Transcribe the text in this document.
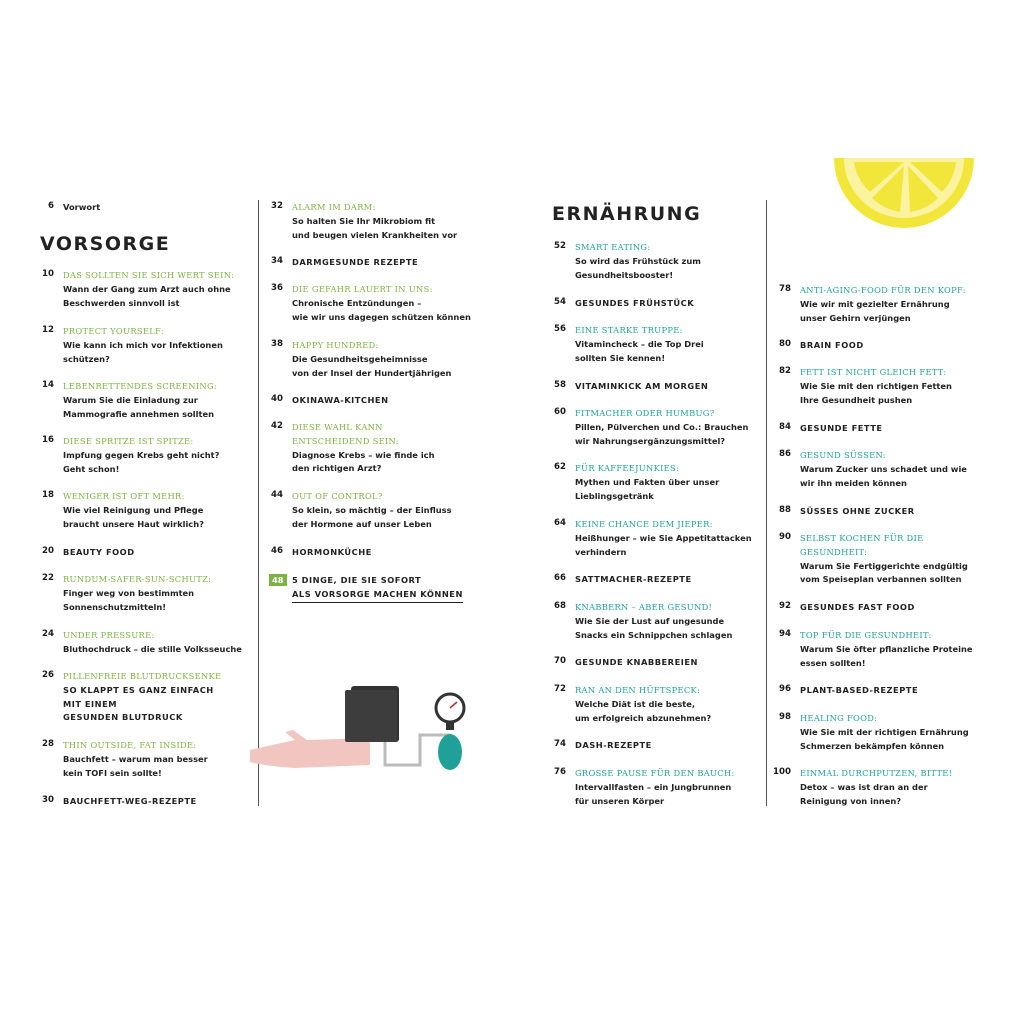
6 Vorwort
VORSORGE
10 DAS SOLLTEN SIE SICH WERT SEIN:
Wann der Gang zum Arzt auch ohne
Beschwerden sinnvoll ist
12 PROTECT YOURSELF:
Wie kann ich mich vor Infektionen
schützen?
14 LEBENRETTENDES SCREENING:
Warum Sie die Einladung zur
Mammografie annehmen sollten
16 DIESE SPRITZE IST SPITZE:
Impfung gegen Krebs geht nicht?
Geht schon!
18 WENIGER IST OFT MEHR:
Wie viel Reinigung und Pflege
braucht unsere Haut wirklich?
20 BEAUTY FOOD
22 RUNDUM-SAFER-SUN-SCHUTZ:
Finger weg von bestimmten
Sonnenschutzmitteln!
24 UNDER PRESSURE:
Bluthochdruck – die stille Volksseuche
26 PILLENFREIE BLUTDRUCKSENKE
SO KLAPPT ES GANZ EINFACH
MIT EINEM
GESUNDEN BLUTDRUCK
28 THIN OUTSIDE, FAT INSIDE:
Bauchfett – warum man besser
kein TOFI sein sollte!
30 BAUCHFETT-WEG-REZEPTE
32 ALARM IM DARM:
So halten Sie Ihr Mikrobiom fit
und beugen vielen Krankheiten vor
34 DARMGESUNDE REZEPTE
36 DIE GEFAHR LAUERT IN UNS:
Chronische Entzündungen –
wie wir uns dagegen schützen können
38 HAPPY HUNDRED:
Die Gesundheitsgeheimnisse
von der Insel der Hundertjährigen
40 OKINAWA-KITCHEN
42 DIESE WAHL KANN
ENTSCHEIDEND SEIN:
Diagnose Krebs – wie finde ich
den richtigen Arzt?
44 OUT OF CONTROL?
So klein, so mächtig – der Einfluss
der Hormone auf unser Leben
46 HORMONKÜCHE
48	5 DINGE, DIE SIE SOFORT
ALS VORSORGE MACHEN KÖNNEN
ERNÄHRUNG
52 SMART EATING:
So wird das Frühstück zum
Gesundheitsbooster!
54 GESUNDES FRÜHSTÜCK
56 EINE STARKE TRUPPE:
Vitamincheck – die Top Drei
sollten Sie kennen!
58 VITAMINKICK AM MORGEN
60 FITMACHER ODER HUMBUG?
Pillen, Pülverchen und Co.: Brauchen
wir Nahrungsergänzungsmittel?
62 FÜR KAFFEEJUNKIES:
Mythen und Fakten über unser
Lieblingsgetränk
64 KEINE CHANCE DEM JIEPER:
Heißhunger – wie Sie Appetitattacken
verhindern
66 SATTMACHER-REZEPTE
68 KNABBERN – ABER GESUND!
Wie Sie der Lust auf ungesunde
Snacks ein Schnippchen schlagen
70 GESUNDE KNABBEREIEN
72 RAN AN DEN HÜFTSPECK:
Welche Diät ist die beste,
um erfolgreich abzunehmen?
74 DASH-REZEPTE
76 GROSSE PAUSE FÜR DEN BAUCH:
Intervallfasten – ein Jungbrunnen
für unseren Körper
78 ANTI-AGING-FOOD FÜR DEN KOPF:
Wie wir mit gezielter Ernährung
unser Gehirn verjüngen
80 BRAIN FOOD
82 FETT IST NICHT GLEICH FETT:
Wie Sie mit den richtigen Fetten
Ihre Gesundheit pushen
84 GESUNDE FETTE
86 GESUND SÜSSEN:
Warum Zucker uns schadet und wie
wir ihn meiden können
88 SÜSSES OHNE ZUCKER
90 SELBST KOCHEN FÜR DIE
GESUNDHEIT:
Warum Sie Fertiggerichte endgültig
vom Speiseplan verbannen sollten
92 GESUNDES FAST FOOD
94 TOP FÜR DIE GESUNDHEIT:
Warum Sie öfter pflanzliche Proteine
essen sollten!
96 PLANT-BASED-REZEPTE
98 HEALING FOOD:
Wie Sie mit der richtigen Ernährung
Schmerzen bekämpfen können
100 EINMAL DURCHPUTZEN, BITTE!
Detox – was ist dran an der
Reinigung von innen?
